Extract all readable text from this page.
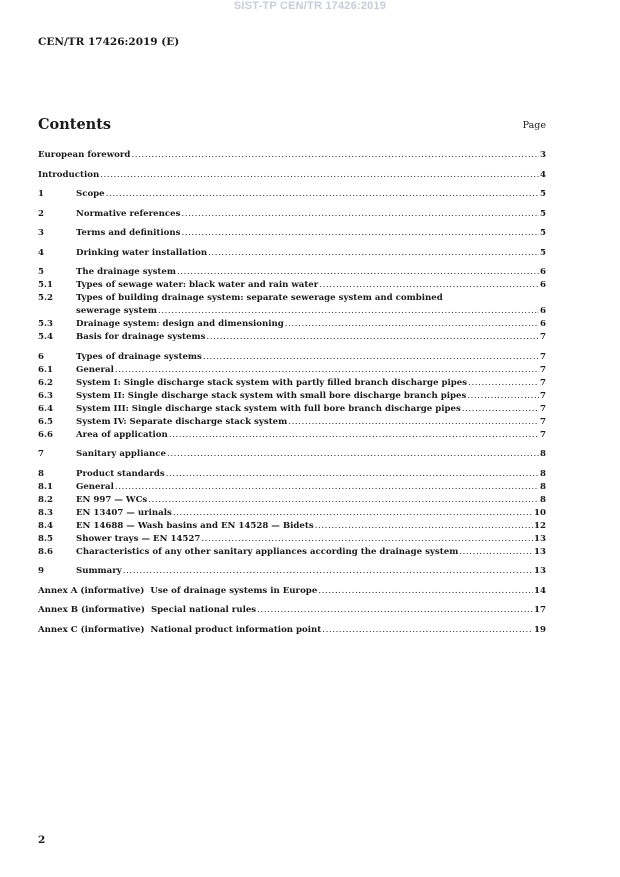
SIST-TP CEN/TR 17426:2019
CEN/TR 17426:2019 (E)
Contents	Page
European foreword .....	3
Introduction .....	4
1	Scope .....	5
2	Normative references .....	5
3	Terms and definitions .....	5
4	Drinking water installation .....	5
5	The drainage system .....	6
5.1	Types of sewage water: black water and rain water .....	6
5.2	Types of building drainage system: separate sewerage system and combined
sewerage system .....	6
5.3	Drainage system: design and dimensioning .....	6
5.4	Basis for drainage systems .....	7
6	Types of drainage systems .....	7
6.1	General .....	7
6.2	System I: Single discharge stack system with partly filled branch discharge pipes .....	7
6.3	System II: Single discharge stack system with small bore discharge branch pipes .....	7
6.4	System III: Single discharge stack system with full bore branch discharge pipes .....	7
6.5	System IV: Separate discharge stack system .....	7
6.6	Area of application .....	7
7	Sanitary appliance .....	8
8	Product standards .....	8
8.1	General .....	8
8.2	EN 997 — WCs .....	8
8.3	EN 13407 — urinals .....	10
8.4	EN 14688 — Wash basins and EN 14528 — Bidets .....	12
8.5	Shower trays — EN 14527 .....	13
8.6	Characteristics of any other sanitary appliances according the drainage system .....	13
9	Summary .....	13
Annex A (informative)  Use of drainage systems in Europe .....	14
Annex B (informative)  Special national rules .....	17
Annex C (informative)  National product information point .....	19
2
